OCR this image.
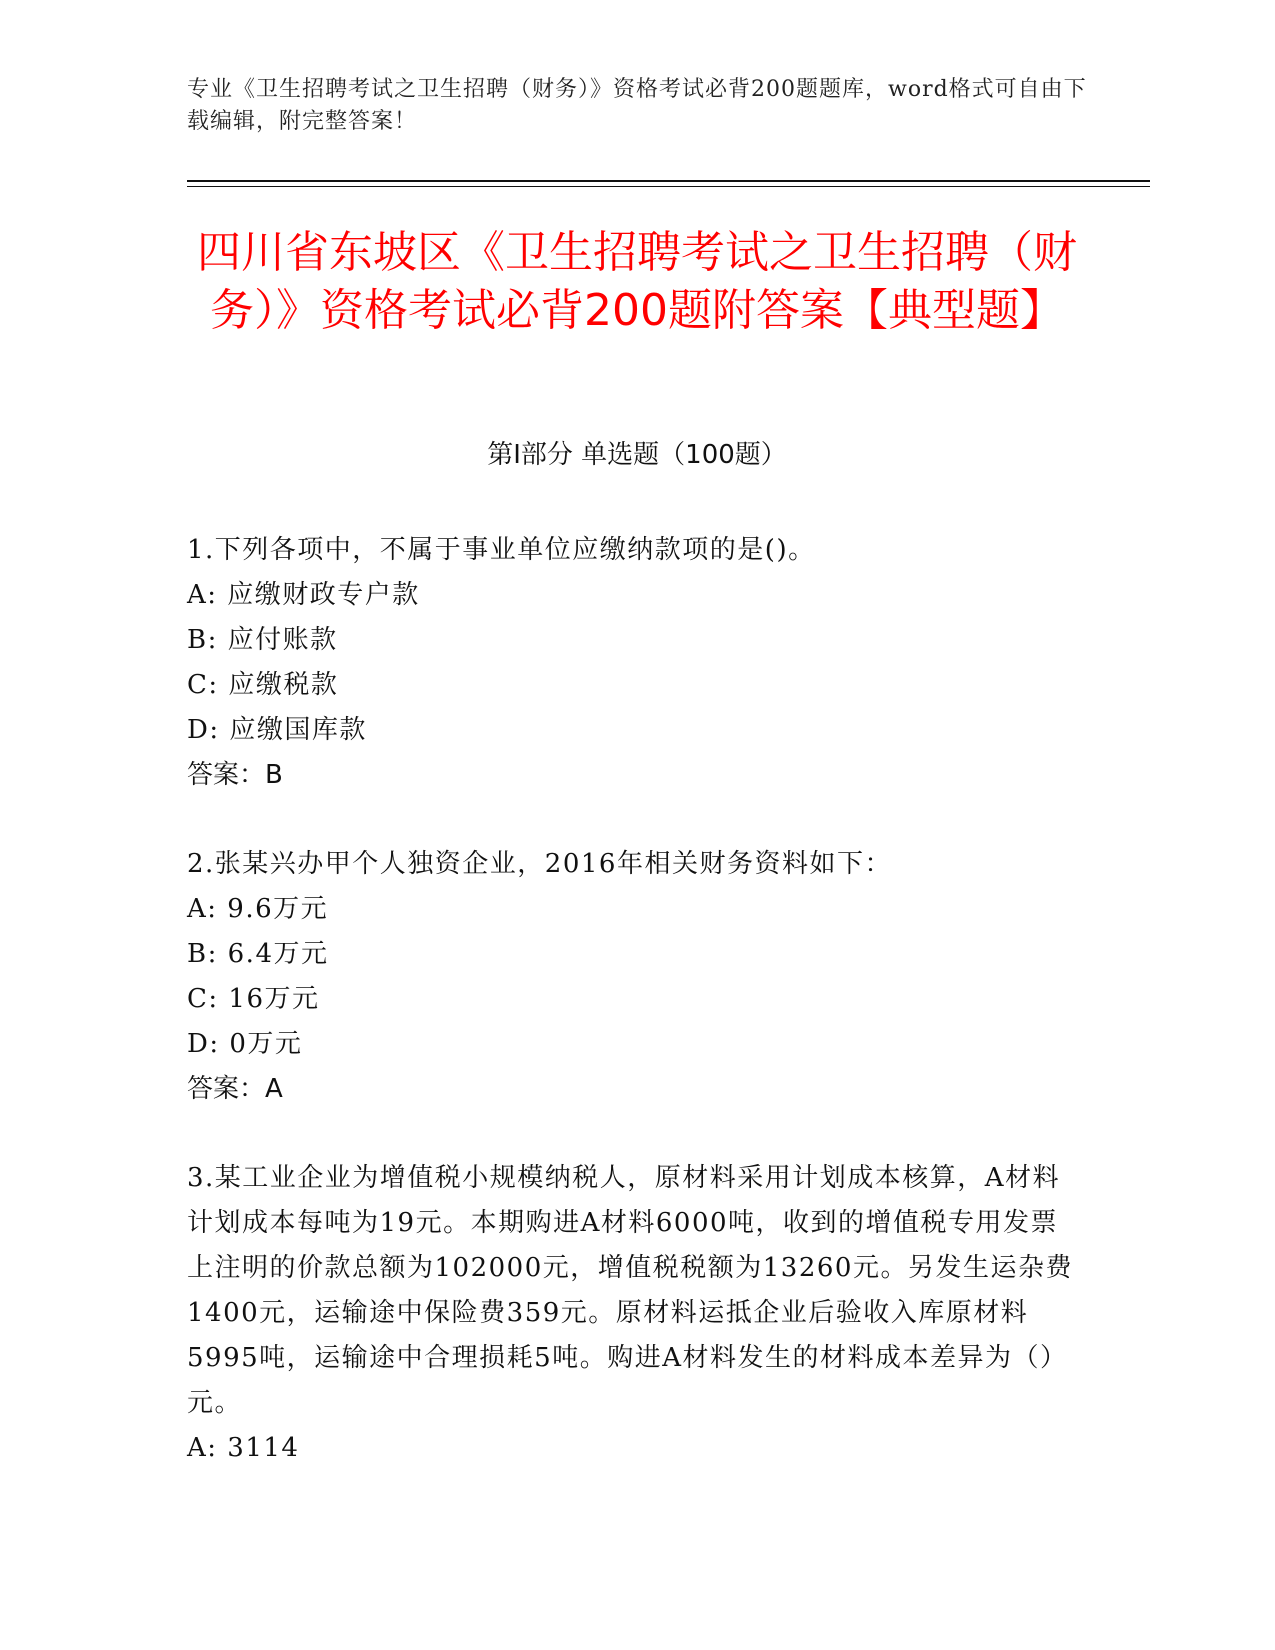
专业《卫生招聘考试之卫生招聘（财务）》资格考试必背200题题库，word格式可自由下载编辑，附完整答案！
四川省东坡区《卫生招聘考试之卫生招聘（财务）》资格考试必背200题附答案【典型题】
第Ⅰ部分 单选题（100题）
1.下列各项中，不属于事业单位应缴纳款项的是()。
A: 应缴财政专户款
B: 应付账款
C: 应缴税款
D: 应缴国库款
答案：B
2.张某兴办甲个人独资企业，2016年相关财务资料如下：
A: 9.6万元
B: 6.4万元
C: 16万元
D: 0万元
答案：A
3.某工业企业为增值税小规模纳税人，原材料采用计划成本核算，A材料计划成本每吨为19元。本期购进A材料6000吨，收到的增值税专用发票上注明的价款总额为102000元，增值税税额为13260元。另发生运杂费1400元，运输途中保险费359元。原材料运抵企业后验收入库原材料5995吨，运输途中合理损耗5吨。购进A材料发生的材料成本差异为（）元。
A: 3114
